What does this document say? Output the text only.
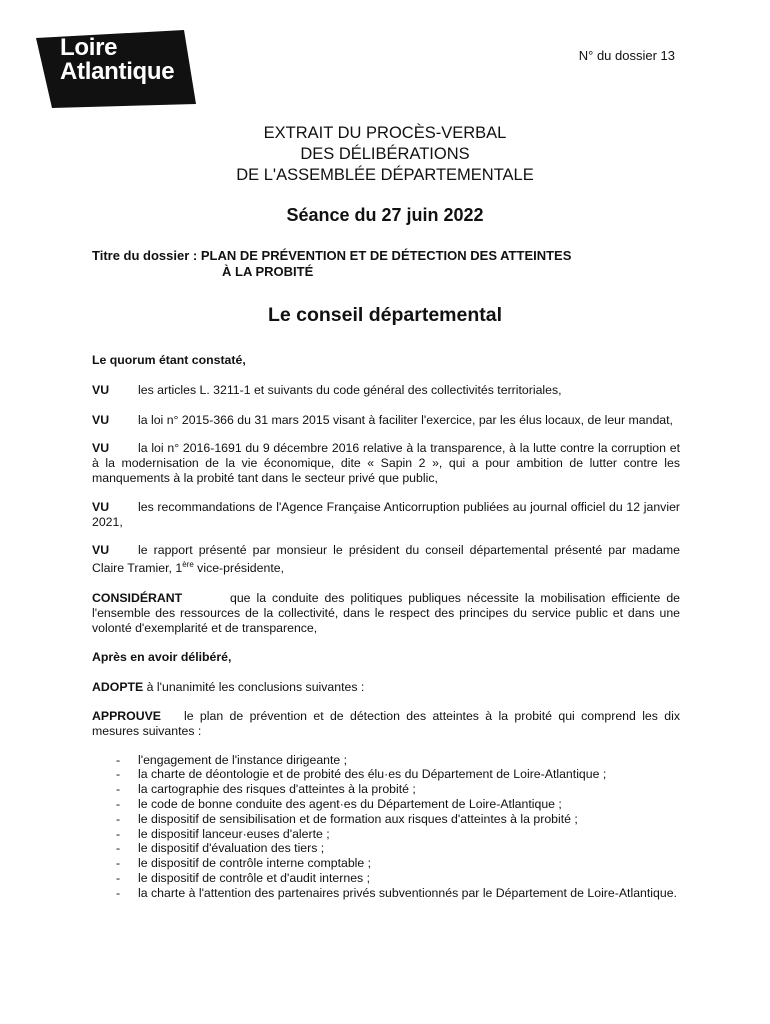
Loire
Atlantique
N° du dossier 13
EXTRAIT DU PROCÈS-VERBAL
DES DÉLIBÉRATIONS
DE L'ASSEMBLÉE DÉPARTEMENTALE
Séance du 27 juin 2022
Titre du dossier : PLAN DE PRÉVENTION ET DE DÉTECTION DES ATTEINTES
À LA PROBITÉ
Le conseil départemental

Le quorum étant constaté,

VU les articles L. 3211-1 et suivants du code général des collectivités territoriales,

VU la loi n° 2015-366 du 31 mars 2015 visant à faciliter l'exercice, par les élus locaux, de leur mandat,

VU la loi n° 2016-1691 du 9 décembre 2016 relative à la transparence, à la lutte contre la corruption et à la modernisation de la vie économique, dite « Sapin 2 », qui a pour ambition de lutter contre les manquements à la probité tant dans le secteur privé que public,

VU les recommandations de l'Agence Française Anticorruption publiées au journal officiel du 12 janvier 2021,

VU le rapport présenté par monsieur le président du conseil départemental présenté par madame Claire Tramier, 1ère vice-présidente,

CONSIDÉRANT	que la conduite des politiques publiques nécessite la mobilisation efficiente de l'ensemble des ressources de la collectivité, dans le respect des principes du service public et dans une volonté d'exemplarité et de transparence,

Après en avoir délibéré,

ADOPTE à l'unanimité les conclusions suivantes :

APPROUVE le plan de prévention et de détection des atteintes à la probité qui comprend les dix mesures suivantes :

- l'engagement de l'instance dirigeante ;
- la charte de déontologie et de probité des élu·es du Département de Loire-Atlantique ;
- la cartographie des risques d'atteintes à la probité ;
- le code de bonne conduite des agent·es du Département de Loire-Atlantique ;
- le dispositif de sensibilisation et de formation aux risques d'atteintes à la probité ;
- le dispositif lanceur·euses d'alerte ;
- le dispositif d'évaluation des tiers ;
- le dispositif de contrôle interne comptable ;
- le dispositif de contrôle et d'audit internes ;
- la charte à l'attention des partenaires privés subventionnés par le Département de Loire-Atlantique.
